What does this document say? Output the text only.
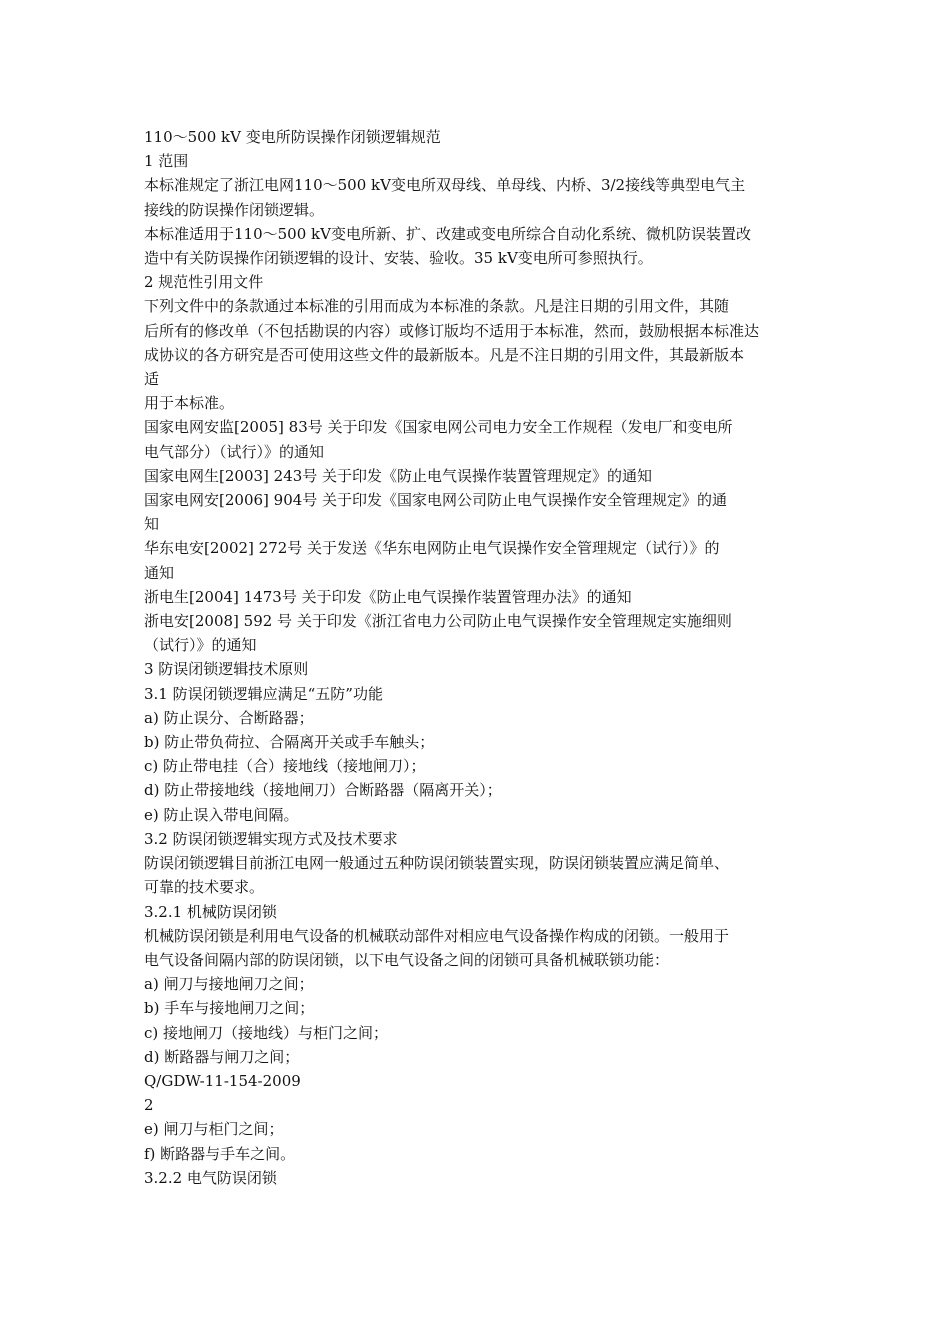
110～500 kV 变电所防误操作闭锁逻辑规范

1 范围

本标准规定了浙江电网110～500 kV变电所双母线、单母线、内桥、3/2接线等典型电气主

接线的防误操作闭锁逻辑。

本标准适用于110～500 kV变电所新、扩、改建或变电所综合自动化系统、微机防误装置改

造中有关防误操作闭锁逻辑的设计、安装、验收。35 kV变电所可参照执行。

2 规范性引用文件

下列文件中的条款通过本标准的引用而成为本标准的条款。凡是注日期的引用文件，其随

后所有的修改单（不包括勘误的内容）或修订版均不适用于本标准，然而，鼓励根据本标准达

成协议的各方研究是否可使用这些文件的最新版本。凡是不注日期的引用文件，其最新版本

适

用于本标准。

国家电网安监[2005] 83号 关于印发《国家电网公司电力安全工作规程（发电厂和变电所

电气部分）（试行）》的通知

国家电网生[2003] 243号 关于印发《防止电气误操作装置管理规定》的通知

国家电网安[2006] 904号 关于印发《国家电网公司防止电气误操作安全管理规定》的通

知

华东电安[2002] 272号 关于发送《华东电网防止电气误操作安全管理规定（试行）》的

通知

浙电生[2004] 1473号 关于印发《防止电气误操作装置管理办法》的通知

浙电安[2008] 592 号 关于印发《浙江省电力公司防止电气误操作安全管理规定实施细则

（试行）》的通知

3 防误闭锁逻辑技术原则

3.1 防误闭锁逻辑应满足“五防”功能

a) 防止误分、合断路器；

b) 防止带负荷拉、合隔离开关或手车触头；

c) 防止带电挂（合）接地线（接地闸刀）；

d) 防止带接地线（接地闸刀）合断路器（隔离开关）；

e) 防止误入带电间隔。

3.2 防误闭锁逻辑实现方式及技术要求

防误闭锁逻辑目前浙江电网一般通过五种防误闭锁装置实现，防误闭锁装置应满足简单、

可靠的技术要求。

3.2.1 机械防误闭锁

机械防误闭锁是利用电气设备的机械联动部件对相应电气设备操作构成的闭锁。一般用于

电气设备间隔内部的防误闭锁，以下电气设备之间的闭锁可具备机械联锁功能：

a) 闸刀与接地闸刀之间；

b) 手车与接地闸刀之间；

c) 接地闸刀（接地线）与柜门之间；

d) 断路器与闸刀之间；

Q/GDW-11-154-2009

2

e) 闸刀与柜门之间；

f) 断路器与手车之间。

3.2.2 电气防误闭锁
